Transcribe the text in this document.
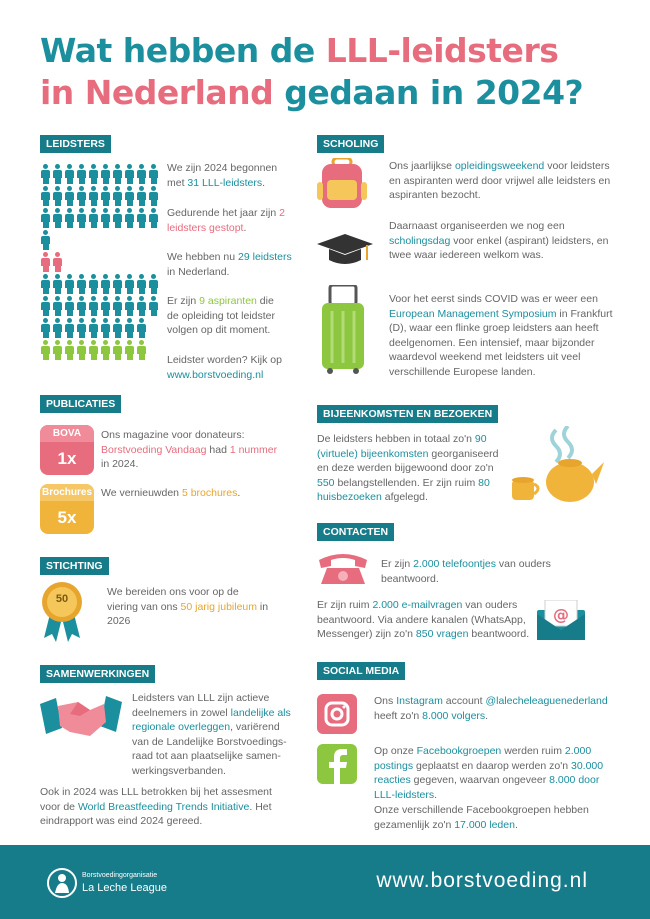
Wat hebben de LLL-leidsters
in Nederland gedaan in 2024?
LEIDSTERS
We zijn 2024 begonnen met 31 LLL-leidsters.
Gedurende het jaar zijn 2 leidsters gestopt.
We hebben nu 29 leidsters in Nederland.
Er zijn 9 aspiranten die de opleiding tot leidster volgen op dit moment.
Leidster worden? Kijk op www.borstvoeding.nl
PUBLICATIES
BOVA
1x
Ons magazine voor donateurs: Borstvoeding Vandaag had 1 nummer in 2024.
Brochures
5x
We vernieuwden 5 brochures.
STICHTING
50
We bereiden ons voor op de viering van ons 50 jarig jubileum in 2026
SAMENWERKINGEN
Leidsters van LLL zijn actieve deelnemers in zowel landelijke als regionale overleggen, variërend van de Landelijke Borstvoedings-raad tot aan plaatselijke samen-werkingsverbanden.
Ook in 2024 was LLL betrokken bij het assesment voor de World Breastfeeding Trends Initiative. Het eindrapport was eind 2024 gereed.
SCHOLING
Ons jaarlijkse opleidingsweekend voor leidsters en aspiranten werd door vrijwel alle leidsters en aspiranten bezocht.
Daarnaast organiseerden we nog een scholingsdag voor enkel (aspirant) leidsters, en twee waar iedereen welkom was.
Voor het eerst sinds COVID was er weer een European Management Symposium in Frankfurt (D), waar een flinke groep leidsters aan heeft deelgenomen. Een intensief, maar bijzonder waardevol weekend met leidsters uit veel verschillende Europese landen.
BIJEENKOMSTEN EN BEZOEKEN
De leidsters hebben in totaal zo'n 90 (virtuele) bijeenkomsten georganiseerd en deze werden bijgewoond door zo'n 550 belangstellenden. Er zijn ruim 80 huisbezoeken afgelegd.
CONTACTEN
Er zijn 2.000 telefoontjes van ouders beantwoord.
Er zijn ruim 2.000 e-mailvragen van ouders beantwoord. Via andere kanalen (WhatsApp, Messenger) zijn zo'n 850 vragen beantwoord.
@
SOCIAL MEDIA
Ons Instagram account @lalecheleaguenederland heeft zo'n 8.000 volgers.
Op onze Facebookgroepen werden ruim 2.000 postings geplaatst en daarop werden zo'n 30.000 reacties gegeven, waarvan ongeveer 8.000 door LLL-leidsters.
Onze verschillende Facebookgroepen hebben gezamenlijk zo'n 17.000 leden.
Borstvoedingorganisatie
La Leche League	www.borstvoeding.nl
